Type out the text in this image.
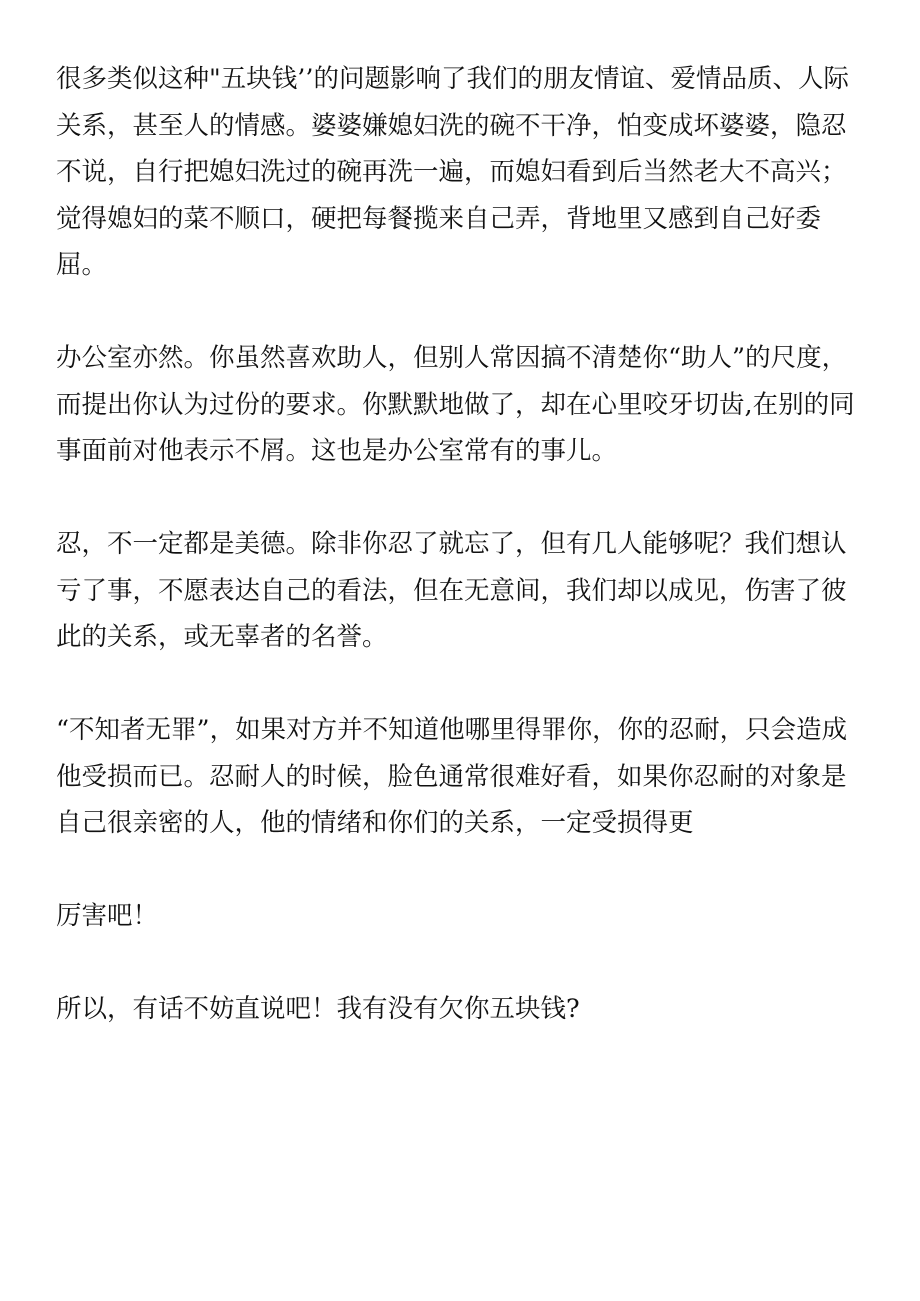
很多类似这种"五块钱’’的问题影响了我们的朋友情谊、爱情品质、人际关系，甚至人的情感。婆婆嫌媳妇洗的碗不干净，怕变成坏婆婆，隐忍不说，自行把媳妇洗过的碗再洗一遍，而媳妇看到后当然老大不高兴；觉得媳妇的菜不顺口，硬把每餐揽来自己弄，背地里又感到自己好委屈。

办公室亦然。你虽然喜欢助人，但别人常因搞不清楚你“助人”的尺度，而提出你认为过份的要求。你默默地做了，却在心里咬牙切齿,在别的同事面前对他表示不屑。这也是办公室常有的事儿。

忍，不一定都是美德。除非你忍了就忘了，但有几人能够呢？我们想认亏了事，不愿表达自己的看法，但在无意间，我们却以成见，伤害了彼此的关系，或无辜者的名誉。

“不知者无罪”，如果对方并不知道他哪里得罪你，你的忍耐，只会造成他受损而已。忍耐人的时候，脸色通常很难好看，如果你忍耐的对象是自己很亲密的人，他的情绪和你们的关系，一定受损得更

厉害吧！

所以，有话不妨直说吧！我有没有欠你五块钱?
